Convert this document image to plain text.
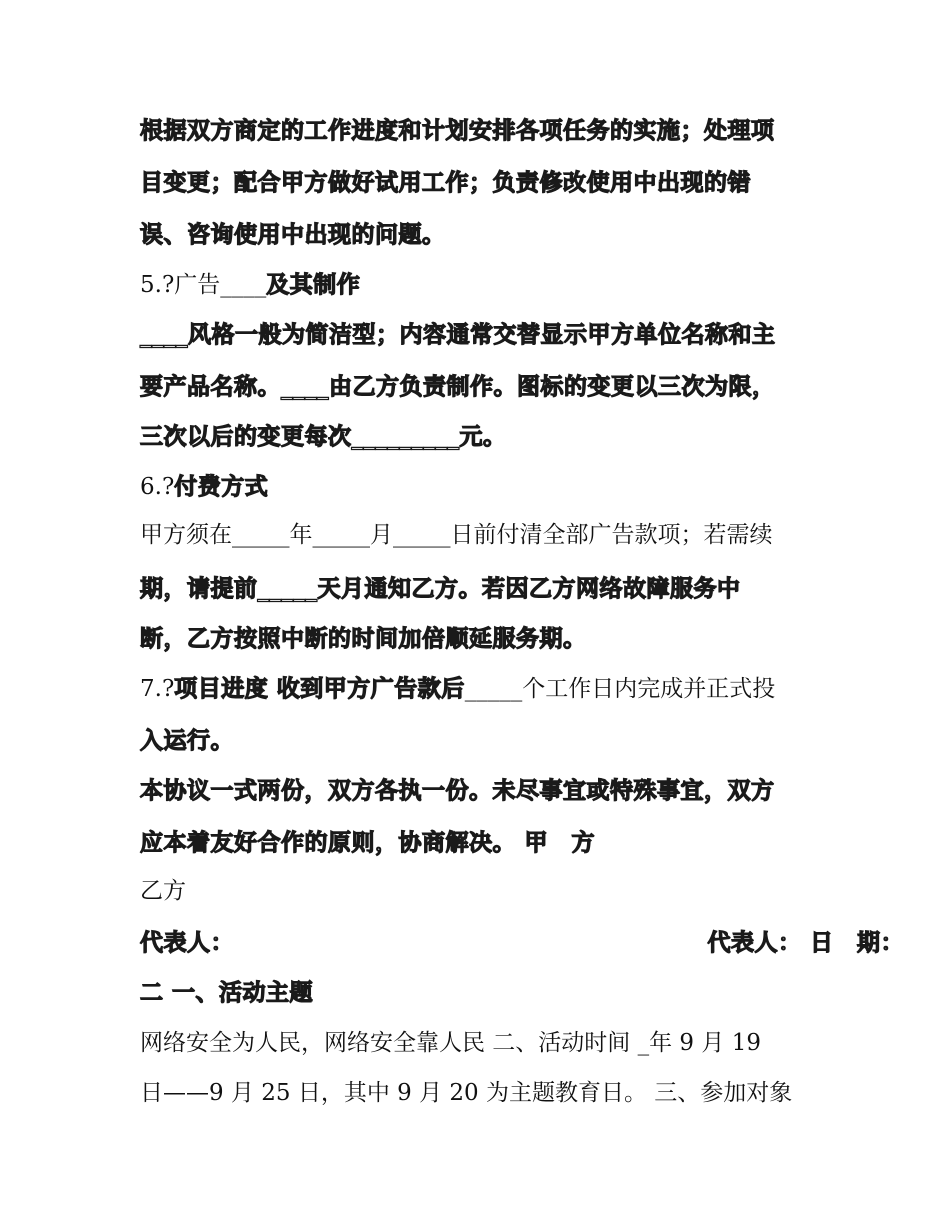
根据双方商定的工作进度和计划安排各项任务的实施；处理项
目变更；配合甲方做好试用工作；负责修改使用中出现的错
误、咨询使用中出现的问题。
5.?广告____及其制作
____风格一般为简洁型；内容通常交替显示甲方单位名称和主
要产品名称。____由乙方负责制作。图标的变更以三次为限，
三次以后的变更每次_________元。
6.?付费方式
甲方须在_____年_____月_____日前付清全部广告款项；若需续
期，请提前_____天月通知乙方。若因乙方网络故障服务中
断，乙方按照中断的时间加倍顺延服务期。
7.?项目进度 收到甲方广告款后_____个工作日内完成并正式投
入运行。
本协议一式两份，双方各执一份。未尽事宜或特殊事宜，双方
应本着友好合作的原则，协商解决。 甲　方
乙方
代表人：
二 一、活动主题
网络安全为人民，网络安全靠人民 二、活动时间 _年 9 月 19
日——9 月 25 日，其中 9 月 20 为主题教育日。 三、参加对象
代表人： 日　期：
